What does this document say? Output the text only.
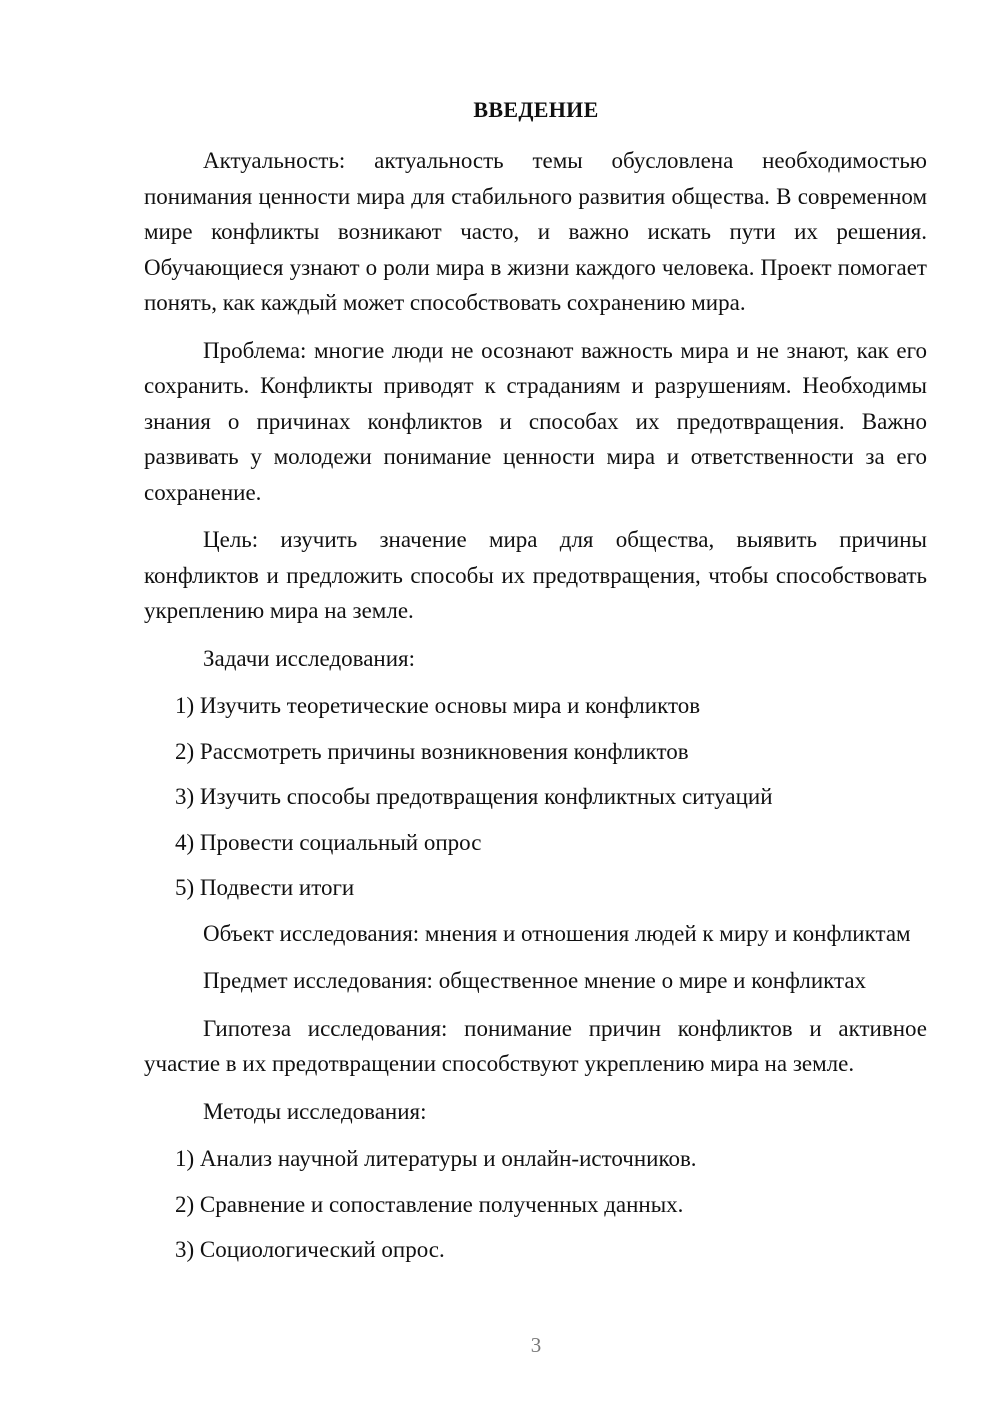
ВВЕДЕНИЕ

Актуальность: актуальность темы обусловлена необходимостью понимания ценности мира для стабильного развития общества. В современном мире конфликты возникают часто, и важно искать пути их решения. Обучающиеся узнают о роли мира в жизни каждого человека. Проект помогает понять, как каждый может способствовать сохранению мира.

Проблема: многие люди не осознают важность мира и не знают, как его сохранить. Конфликты приводят к страданиям и разрушениям. Необходимы знания о причинах конфликтов и способах их предотвращения. Важно развивать у молодежи понимание ценности мира и ответственности за его сохранение.

Цель: изучить значение мира для общества, выявить причины конфликтов и предложить способы их предотвращения, чтобы способствовать укреплению мира на земле.

Задачи исследования:

1) Изучить теоретические основы мира и конфликтов

2) Рассмотреть причины возникновения конфликтов

3) Изучить способы предотвращения конфликтных ситуаций

4) Провести социальный опрос

5) Подвести итоги

Объект исследования: мнения и отношения людей к миру и конфликтам

Предмет исследования: общественное мнение о мире и конфликтах

Гипотеза исследования: понимание причин конфликтов и активное участие в их предотвращении способствуют укреплению мира на земле.

Методы исследования:

1) Анализ научной литературы и онлайн-источников.

2) Сравнение и сопоставление полученных данных.

3) Социологический опрос.

3
